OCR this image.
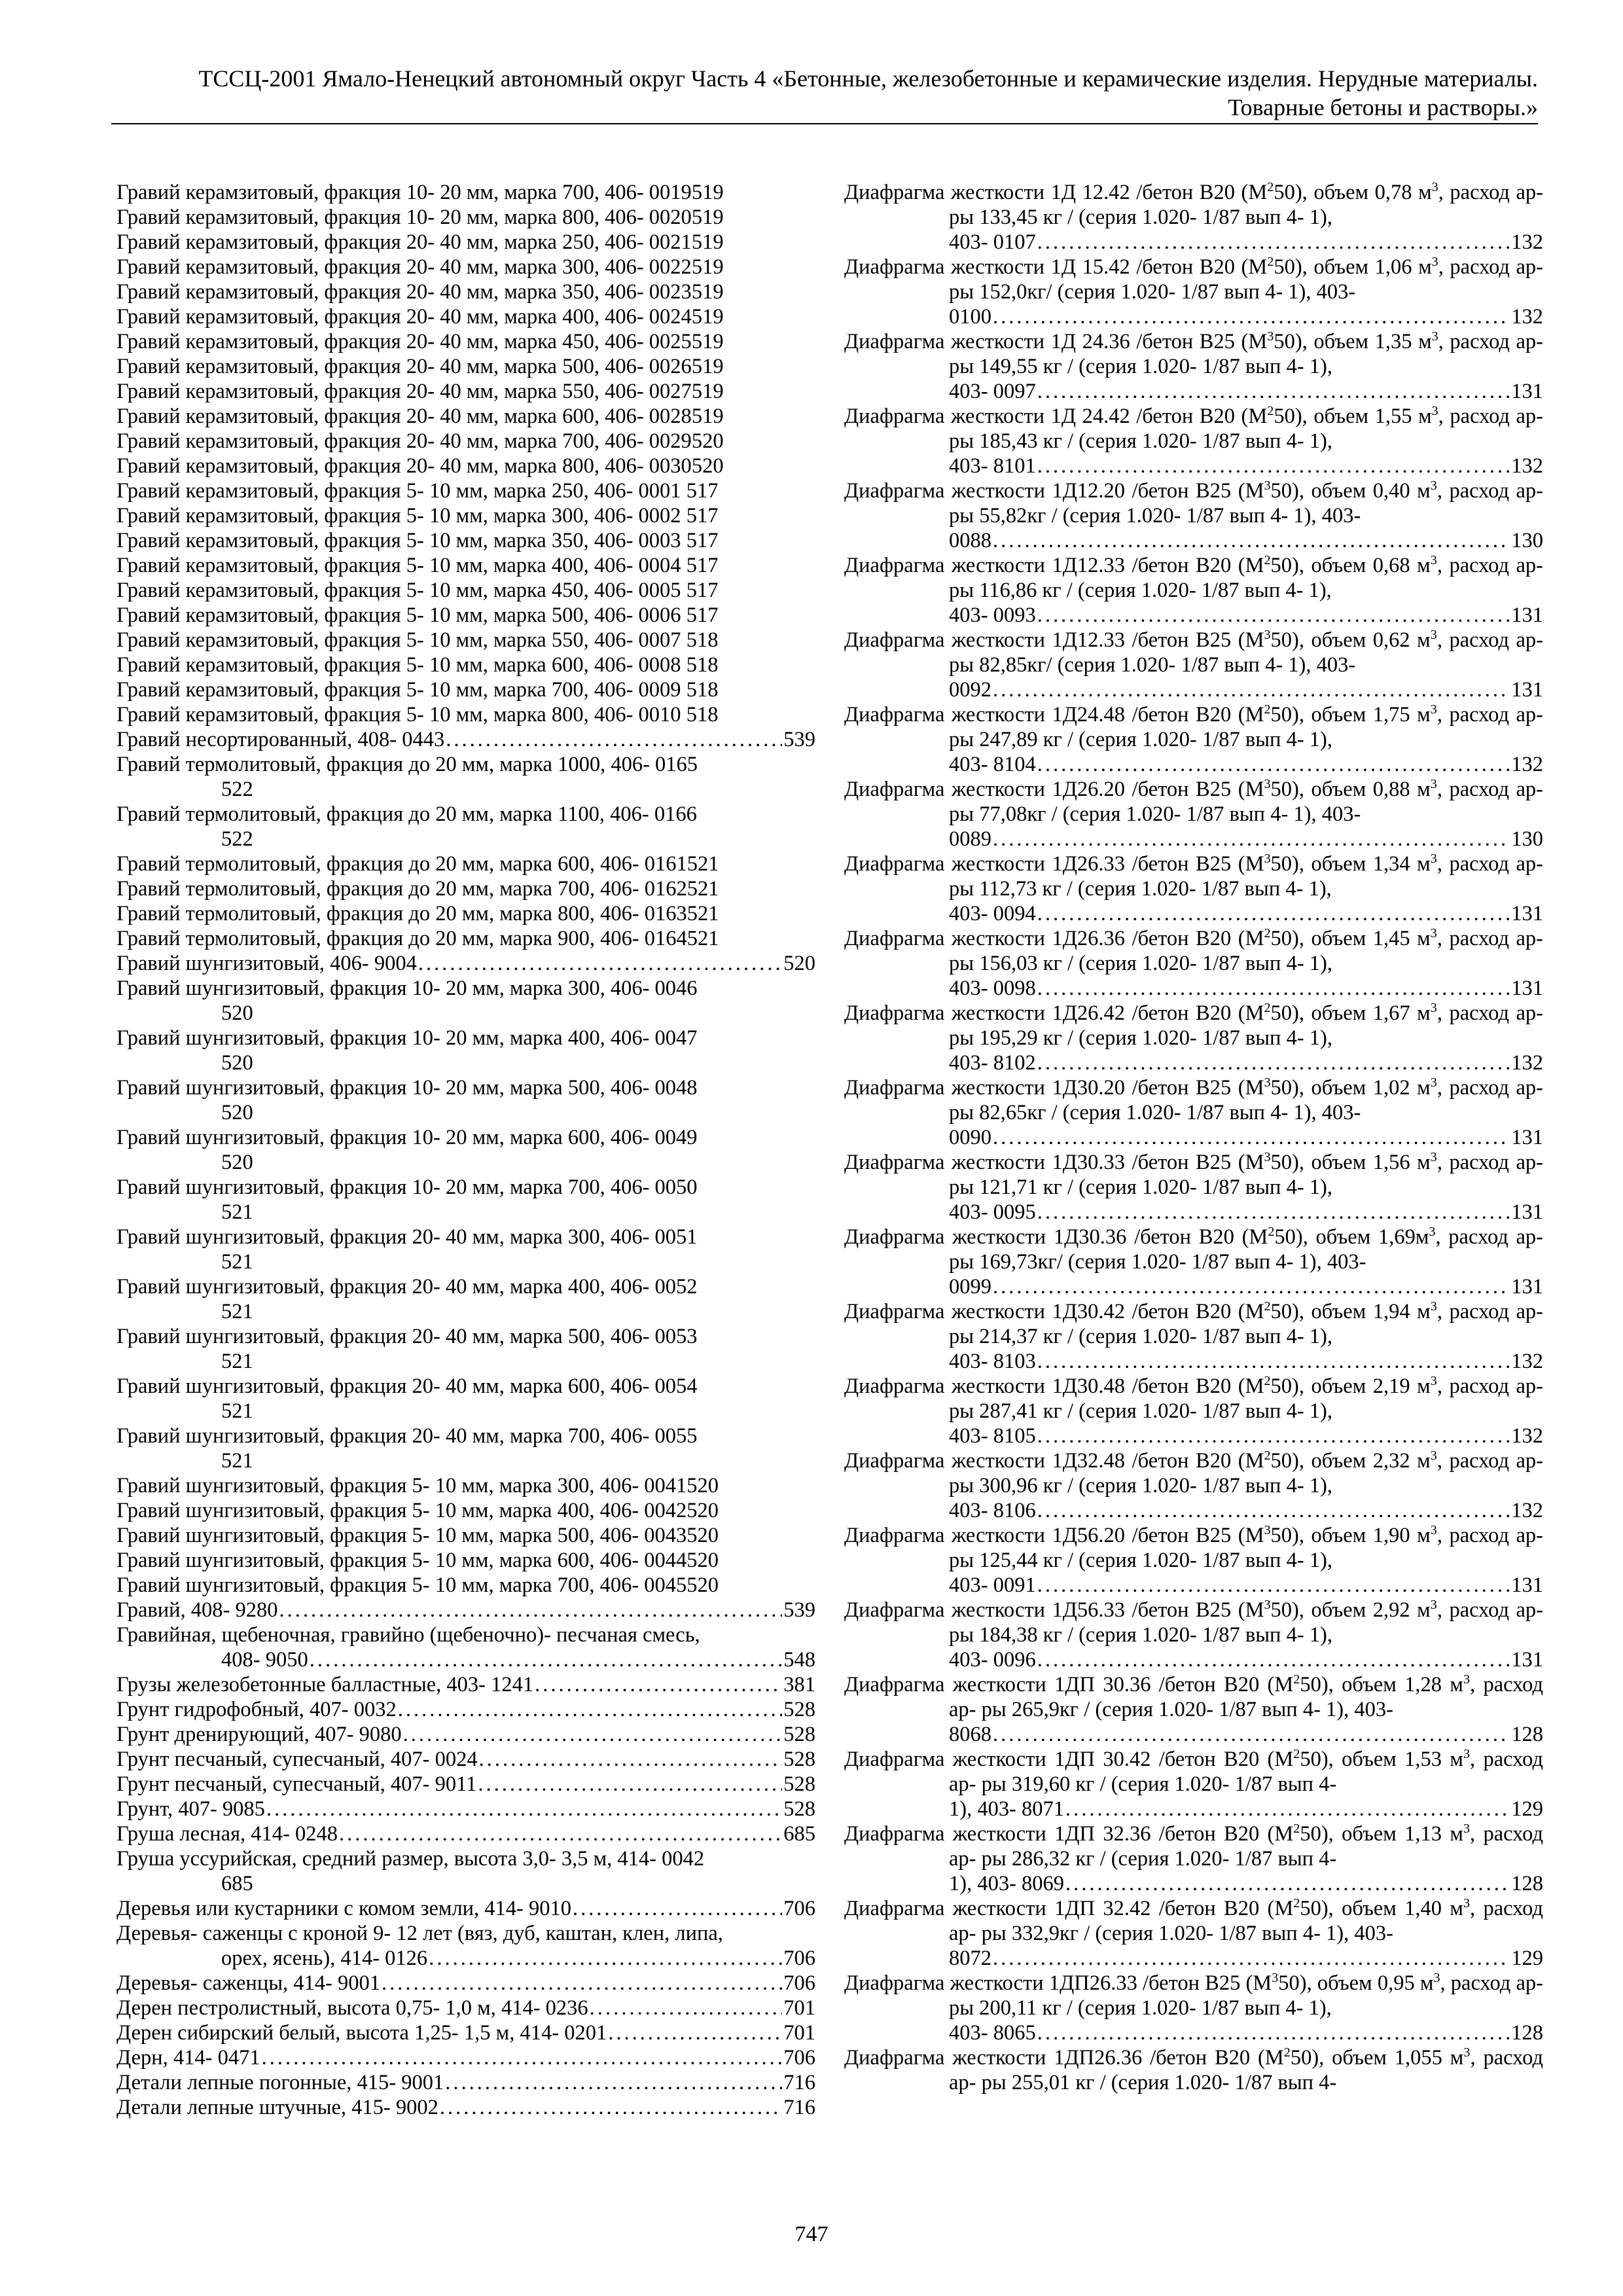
ТССЦ-2001 Ямало-Ненецкий автономный округ Часть 4 «Бетонные, железобетонные и керамические изделия. Нерудные материалы.
Товарные бетоны и растворы.»
Гравий керамзитовый, фракция 10- 20 мм, марка 700, 406- 0019519
Гравий керамзитовый, фракция 10- 20 мм, марка 800, 406- 0020519
Гравий керамзитовый, фракция 20- 40 мм, марка 250, 406- 0021519
Гравий керамзитовый, фракция 20- 40 мм, марка 300, 406- 0022519
Гравий керамзитовый, фракция 20- 40 мм, марка 350, 406- 0023519
Гравий керамзитовый, фракция 20- 40 мм, марка 400, 406- 0024519
Гравий керамзитовый, фракция 20- 40 мм, марка 450, 406- 0025519
Гравий керамзитовый, фракция 20- 40 мм, марка 500, 406- 0026519
Гравий керамзитовый, фракция 20- 40 мм, марка 550, 406- 0027519
Гравий керамзитовый, фракция 20- 40 мм, марка 600, 406- 0028519
Гравий керамзитовый, фракция 20- 40 мм, марка 700, 406- 0029520
Гравий керамзитовый, фракция 20- 40 мм, марка 800, 406- 0030520
Гравий керамзитовый, фракция 5- 10 мм, марка 250, 406- 0001 517
Гравий керамзитовый, фракция 5- 10 мм, марка 300, 406- 0002 517
Гравий керамзитовый, фракция 5- 10 мм, марка 350, 406- 0003 517
Гравий керамзитовый, фракция 5- 10 мм, марка 400, 406- 0004 517
Гравий керамзитовый, фракция 5- 10 мм, марка 450, 406- 0005 517
Гравий керамзитовый, фракция 5- 10 мм, марка 500, 406- 0006 517
Гравий керамзитовый, фракция 5- 10 мм, марка 550, 406- 0007 518
Гравий керамзитовый, фракция 5- 10 мм, марка 600, 406- 0008 518
Гравий керамзитовый, фракция 5- 10 мм, марка 700, 406- 0009 518
Гравий керамзитовый, фракция 5- 10 мм, марка 800, 406- 0010 518
Гравий несортированный, 408- 0443 .....	539
Гравий термолитовый, фракция до 20 мм, марка 1000, 406- 0165
522
Гравий термолитовый, фракция до 20 мм, марка 1100, 406- 0166
522
Гравий термолитовый, фракция до 20 мм, марка 600, 406- 0161521
Гравий термолитовый, фракция до 20 мм, марка 700, 406- 0162521
Гравий термолитовый, фракция до 20 мм, марка 800, 406- 0163521
Гравий термолитовый, фракция до 20 мм, марка 900, 406- 0164521
Гравий шунгизитовый, 406- 9004 .....	520
Гравий шунгизитовый, фракция 10- 20 мм, марка 300, 406- 0046
520
Гравий шунгизитовый, фракция 10- 20 мм, марка 400, 406- 0047
520
Гравий шунгизитовый, фракция 10- 20 мм, марка 500, 406- 0048
520
Гравий шунгизитовый, фракция 10- 20 мм, марка 600, 406- 0049
520
Гравий шунгизитовый, фракция 10- 20 мм, марка 700, 406- 0050
521
Гравий шунгизитовый, фракция 20- 40 мм, марка 300, 406- 0051
521
Гравий шунгизитовый, фракция 20- 40 мм, марка 400, 406- 0052
521
Гравий шунгизитовый, фракция 20- 40 мм, марка 500, 406- 0053
521
Гравий шунгизитовый, фракция 20- 40 мм, марка 600, 406- 0054
521
Гравий шунгизитовый, фракция 20- 40 мм, марка 700, 406- 0055
521
Гравий шунгизитовый, фракция 5- 10 мм, марка 300, 406- 0041520
Гравий шунгизитовый, фракция 5- 10 мм, марка 400, 406- 0042520
Гравий шунгизитовый, фракция 5- 10 мм, марка 500, 406- 0043520
Гравий шунгизитовый, фракция 5- 10 мм, марка 600, 406- 0044520
Гравий шунгизитовый, фракция 5- 10 мм, марка 700, 406- 0045520
Гравий, 408- 9280 .....	539
Гравийная, щебеночная, гравийно (щебеночно)- песчаная смесь,
408- 9050 .....	548
Грузы железобетонные балластные, 403- 1241 .....	381
Грунт гидрофобный, 407- 0032 .....	528
Грунт дренирующий, 407- 9080 .....	528
Грунт песчаный, супесчаный, 407- 0024 .....	528
Грунт песчаный, супесчаный, 407- 9011 .....	528
Грунт, 407- 9085 .....	528
Груша лесная, 414- 0248 .....	685
Груша уссурийская, средний размер, высота 3,0- 3,5 м, 414- 0042
685
Деревья или кустарники с комом земли, 414- 9010 .....	706
Деревья- саженцы с кроной 9- 12 лет (вяз, дуб, каштан, клен, липа,
орех, ясень), 414- 0126 .....	706
Деревья- саженцы, 414- 9001 .....	706
Дерен пестролистный, высота 0,75- 1,0 м, 414- 0236 .....	701
Дерен сибирский белый, высота 1,25- 1,5 м, 414- 0201 .....	701
Дерн, 414- 0471 .....	706
Детали лепные погонные, 415- 9001 .....	716
Детали лепные штучные, 415- 9002 .....	716
Диафрагма жесткости 1Д 12.42 /бетон B20 $(M^250)$, объем 0,78 $м^3$, расход ар- ры 133,45 кг / (серия 1.020- 1/87 вып 4- 1),
403- 0107 .....	132
Диафрагма жесткости 1Д 15.42 /бетон B20 $(M^250)$, объем 1,06 $м^3$, расход ар- ры 152,0кг/ (серия 1.020- 1/87 вып 4- 1), 403-
0100 .....	132
Диафрагма жесткости 1Д 24.36 /бетон B25 $(M^350)$, объем 1,35 $м^3$, расход ар- ры 149,55 кг / (серия 1.020- 1/87 вып 4- 1),
403- 0097 .....	131
Диафрагма жесткости 1Д 24.42 /бетон B20 $(M^250)$, объем 1,55 $м^3$, расход ар- ры 185,43 кг / (серия 1.020- 1/87 вып 4- 1),
403- 8101 .....	132
Диафрагма жесткости 1Д12.20 /бетон B25 $(M^350)$, объем 0,40 $м^3$, расход ар- ры 55,82кг / (серия 1.020- 1/87 вып 4- 1), 403-
0088 .....	130
Диафрагма жесткости 1Д12.33 /бетон B20 $(M^250)$, объем 0,68 $м^3$, расход ар- ры 116,86 кг / (серия 1.020- 1/87 вып 4- 1),
403- 0093 .....	131
Диафрагма жесткости 1Д12.33 /бетон B25 $(M^350)$, объем 0,62 $м^3$, расход ар- ры 82,85кг/ (серия 1.020- 1/87 вып 4- 1), 403-
0092 .....	131
Диафрагма жесткости 1Д24.48 /бетон B20 $(M^250)$, объем 1,75 $м^3$, расход ар- ры 247,89 кг / (серия 1.020- 1/87 вып 4- 1),
403- 8104 .....	132
Диафрагма жесткости 1Д26.20 /бетон B25 $(M^350)$, объем 0,88 $м^3$, расход ар- ры 77,08кг / (серия 1.020- 1/87 вып 4- 1), 403-
0089 .....	130
Диафрагма жесткости 1Д26.33 /бетон B25 $(M^350)$, объем 1,34 $м^3$, расход ар- ры 112,73 кг / (серия 1.020- 1/87 вып 4- 1),
403- 0094 .....	131
Диафрагма жесткости 1Д26.36 /бетон B20 $(M^250)$, объем 1,45 $м^3$, расход ар- ры 156,03 кг / (серия 1.020- 1/87 вып 4- 1),
403- 0098 .....	131
Диафрагма жесткости 1Д26.42 /бетон B20 $(M^250)$, объем 1,67 $м^3$, расход ар- ры 195,29 кг / (серия 1.020- 1/87 вып 4- 1),
403- 8102 .....	132
Диафрагма жесткости 1Д30.20 /бетон B25 $(M^350)$, объем 1,02 $м^3$, расход ар- ры 82,65кг / (серия 1.020- 1/87 вып 4- 1), 403-
0090 .....	131
Диафрагма жесткости 1Д30.33 /бетон B25 $(M^350)$, объем 1,56 $м^3$, расход ар- ры 121,71 кг / (серия 1.020- 1/87 вып 4- 1),
403- 0095 .....	131
Диафрагма жесткости 1Д30.36 /бетон B20 $(M^250)$, объем $1,69м^3$, расход ар- ры 169,73кг/ (серия 1.020- 1/87 вып 4- 1), 403-
0099 .....	131
Диафрагма жесткости 1Д30.42 /бетон B20 $(M^250)$, объем 1,94 $м^3$, расход ар- ры 214,37 кг / (серия 1.020- 1/87 вып 4- 1),
403- 8103 .....	132
Диафрагма жесткости 1Д30.48 /бетон B20 $(M^250)$, объем 2,19 $м^3$, расход ар- ры 287,41 кг / (серия 1.020- 1/87 вып 4- 1),
403- 8105 .....	132
Диафрагма жесткости 1Д32.48 /бетон B20 $(M^250)$, объем 2,32 $м^3$, расход ар- ры 300,96 кг / (серия 1.020- 1/87 вып 4- 1),
403- 8106 .....	132
Диафрагма жесткости 1Д56.20 /бетон B25 $(M^350)$, объем 1,90 $м^3$, расход ар- ры 125,44 кг / (серия 1.020- 1/87 вып 4- 1),
403- 0091 .....	131
Диафрагма жесткости 1Д56.33 /бетон B25 $(M^350)$, объем 2,92 $м^3$, расход ар- ры 184,38 кг / (серия 1.020- 1/87 вып 4- 1),
403- 0096 .....	131
Диафрагма жесткости 1ДП 30.36 /бетон B20 $(M^250)$, объем 1,28 $м^3$, расход ар- ры 265,9кг / (серия 1.020- 1/87 вып 4- 1), 403-
8068 .....	128
Диафрагма жесткости 1ДП 30.42 /бетон B20 $(M^250)$, объем 1,53 $м^3$, расход ар- ры 319,60 кг / (серия 1.020- 1/87 вып 4-
1), 403- 8071 .....	129
Диафрагма жесткости 1ДП 32.36 /бетон B20 $(M^250)$, объем 1,13 $м^3$, расход ар- ры 286,32 кг / (серия 1.020- 1/87 вып 4-
1), 403- 8069 .....	128
Диафрагма жесткости 1ДП 32.42 /бетон B20 $(M^250)$, объем 1,40 $м^3$, расход ар- ры 332,9кг / (серия 1.020- 1/87 вып 4- 1), 403-
8072 .....	129
Диафрагма жесткости 1ДП26.33 /бетон B25 $(M^350)$, объем 0,95 $м^3$, расход ар- ры 200,11 кг / (серия 1.020- 1/87 вып 4- 1),
403- 8065 .....	128
Диафрагма жесткости 1ДП26.36 /бетон B20 $(M^250)$, объем 1,055 $м^3$, расход ар- ры 255,01 кг / (серия 1.020- 1/87 вып 4-
747
